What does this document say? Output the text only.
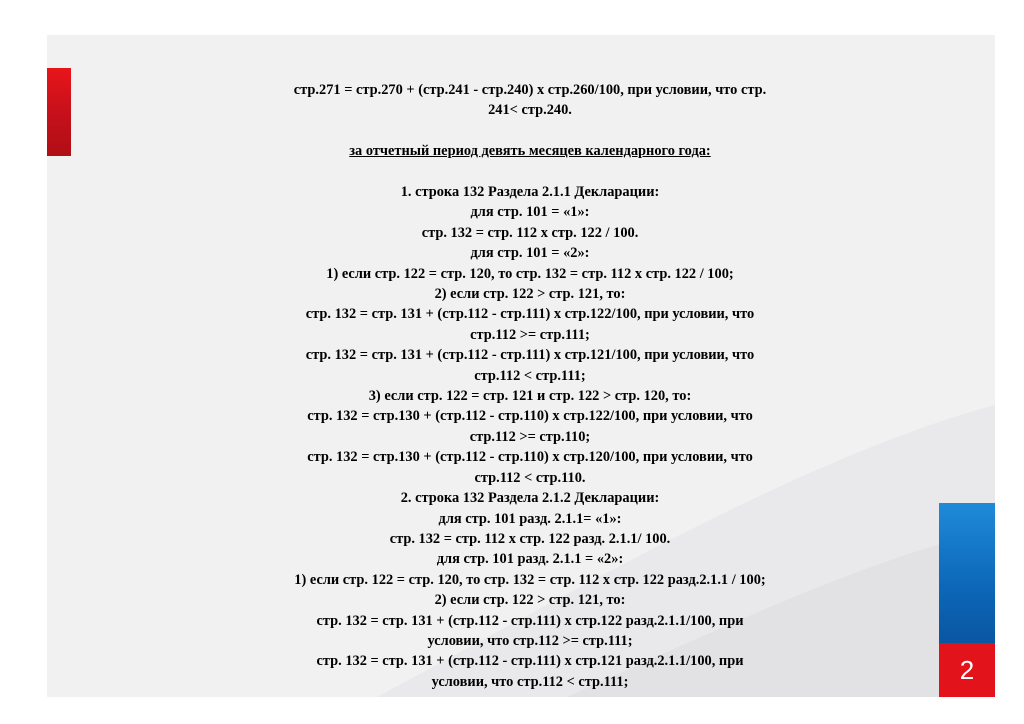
2
стр.271 = стр.270 + (стр.241 - стр.240) х стр.260/100, при условии, что стр.
241< стр.240.
за отчетный период девять месяцев календарного года:
1. строка 132 Раздела 2.1.1 Декларации:
для стр. 101 = «1»:
стр. 132 = стр. 112 х стр. 122 / 100.
для стр. 101 = «2»:
1) если стр. 122 = стр. 120, то стр. 132 = стр. 112 х стр. 122 / 100;
2) если стр. 122 > стр. 121, то:
стр. 132 = стр. 131 + (стр.112 - стр.111) х стр.122/100, при условии, что
стр.112 >= стр.111;
стр. 132 = стр. 131 + (стр.112 - стр.111) х стр.121/100, при условии, что
стр.112 < стр.111;
3) если стр. 122 = стр. 121 и стр. 122 > стр. 120, то:
стр. 132 = стр.130 + (стр.112 - стр.110) х стр.122/100, при условии, что
стр.112 >= стр.110;
стр. 132 = стр.130 + (стр.112 - стр.110) х стр.120/100, при условии, что
стр.112 < стр.110.
2. строка 132 Раздела 2.1.2 Декларации:
для стр. 101 разд. 2.1.1= «1»:
стр. 132 = стр. 112 х стр. 122 разд. 2.1.1/ 100.
для стр. 101 разд. 2.1.1 = «2»:
1) если стр. 122 = стр. 120, то стр. 132 = стр. 112 х стр. 122 разд.2.1.1 / 100;
2) если стр. 122 > стр. 121, то:
стр. 132 = стр. 131 + (стр.112 - стр.111) х стр.122 разд.2.1.1/100, при
условии, что стр.112 >= стр.111;
стр. 132 = стр. 131 + (стр.112 - стр.111) х стр.121 разд.2.1.1/100, при
условии, что стр.112 < стр.111;
